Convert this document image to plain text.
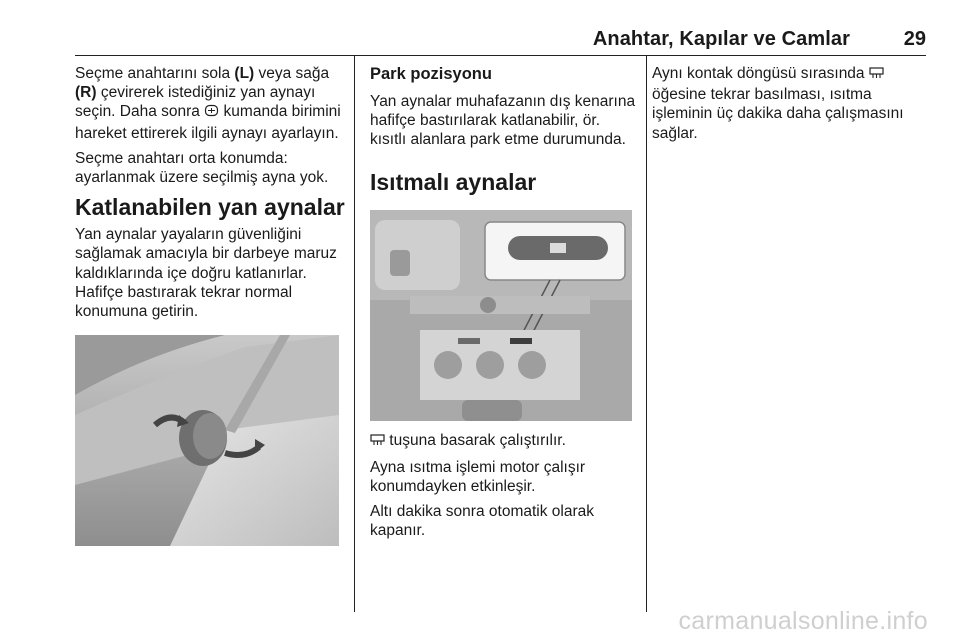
Anahtar, Kapılar ve Camlar	29

Seçme anahtarını sola (L) veya sağa (R) çevirerek istediğiniz yan aynayı seçin. Daha sonra  kumanda birimini hareket ettirerek ilgili aynayı ayarlayın.

Seçme anahtarı orta konumda: ayarlanmak üzere seçilmiş ayna yok.

Katlanabilen yan aynalar

Yan aynalar yayaların güvenliğini sağlamak amacıyla bir darbeye maruz kaldıklarında içe doğru katlanırlar. Hafifçe bastırarak tekrar normal konumuna getirin.

Park pozisyonu

Yan aynalar muhafazanın dış kenarına hafifçe bastırılarak katlanabilir, ör. kısıtlı alanlara park etme durumunda.

Isıtmalı aynalar

tuşuna basarak çalıştırılır.

Ayna ısıtma işlemi motor çalışır konumdayken etkinleşir.

Altı dakika sonra otomatik olarak kapanır.

Aynı kontak döngüsü sırasında  öğesine tekrar basılması, ısıtma işleminin üç dakika daha çalışmasını sağlar.

carmanualsonline.info
